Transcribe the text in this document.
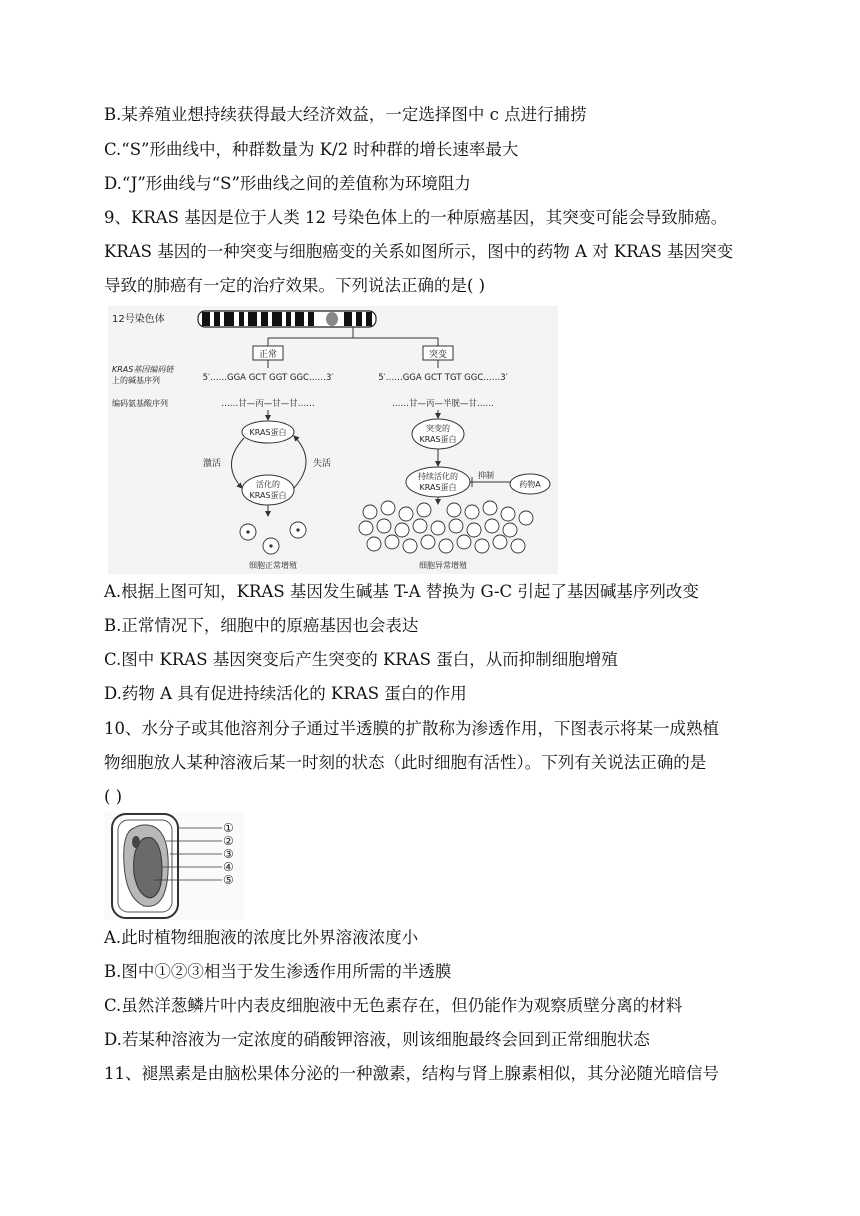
B.某养殖业想持续获得最大经济效益，一定选择图中 c 点进行捕捞
C.“S”形曲线中，种群数量为 K/2 时种群的增长速率最大
D.“J”形曲线与“S”形曲线之间的差值称为环境阻力
9、KRAS 基因是位于人类 12 号染色体上的一种原癌基因，其突变可能会导致肺癌。
KRAS 基因的一种突变与细胞癌变的关系如图所示，图中的药物 A 对 KRAS 基因突变
导致的肺癌有一定的治疗效果。下列说法正确的是( )
12号染色体
正常	突变
KRAS基因编码链
上的碱基序列	5′……GGA GCT GGT GGC……3′	5′……GGA GCT TGT GGC……3′
编码氨基酸序列	……甘—丙—甘—甘……	……甘—丙—半胱—甘……
KRAS蛋白
激活	失活
活化的
KRAS蛋白
细胞正常增殖
突变的
KRAS蛋白
持续活化的
KRAS蛋白
抑制
药物A
细胞异常增殖
A.根据上图可知，KRAS 基因发生碱基 T-A 替换为 G-C 引起了基因碱基序列改变
B.正常情况下，细胞中的原癌基因也会表达
C.图中 KRAS 基因突变后产生突变的 KRAS 蛋白，从而抑制细胞增殖
D.药物 A 具有促进持续活化的 KRAS 蛋白的作用
10、水分子或其他溶剂分子通过半透膜的扩散称为渗透作用，下图表示将某一成熟植
物细胞放人某种溶液后某一时刻的状态（此时细胞有活性）。下列有关说法正确的是
( )
①
②
③
④
⑤
A.此时植物细胞液的浓度比外界溶液浓度小
B.图中①②③相当于发生渗透作用所需的半透膜
C.虽然洋葱鳞片叶内表皮细胞液中无色素存在，但仍能作为观察质壁分离的材料
D.若某种溶液为一定浓度的硝酸钾溶液，则该细胞最终会回到正常细胞状态
11、褪黑素是由脑松果体分泌的一种激素，结构与肾上腺素相似，其分泌随光暗信号
